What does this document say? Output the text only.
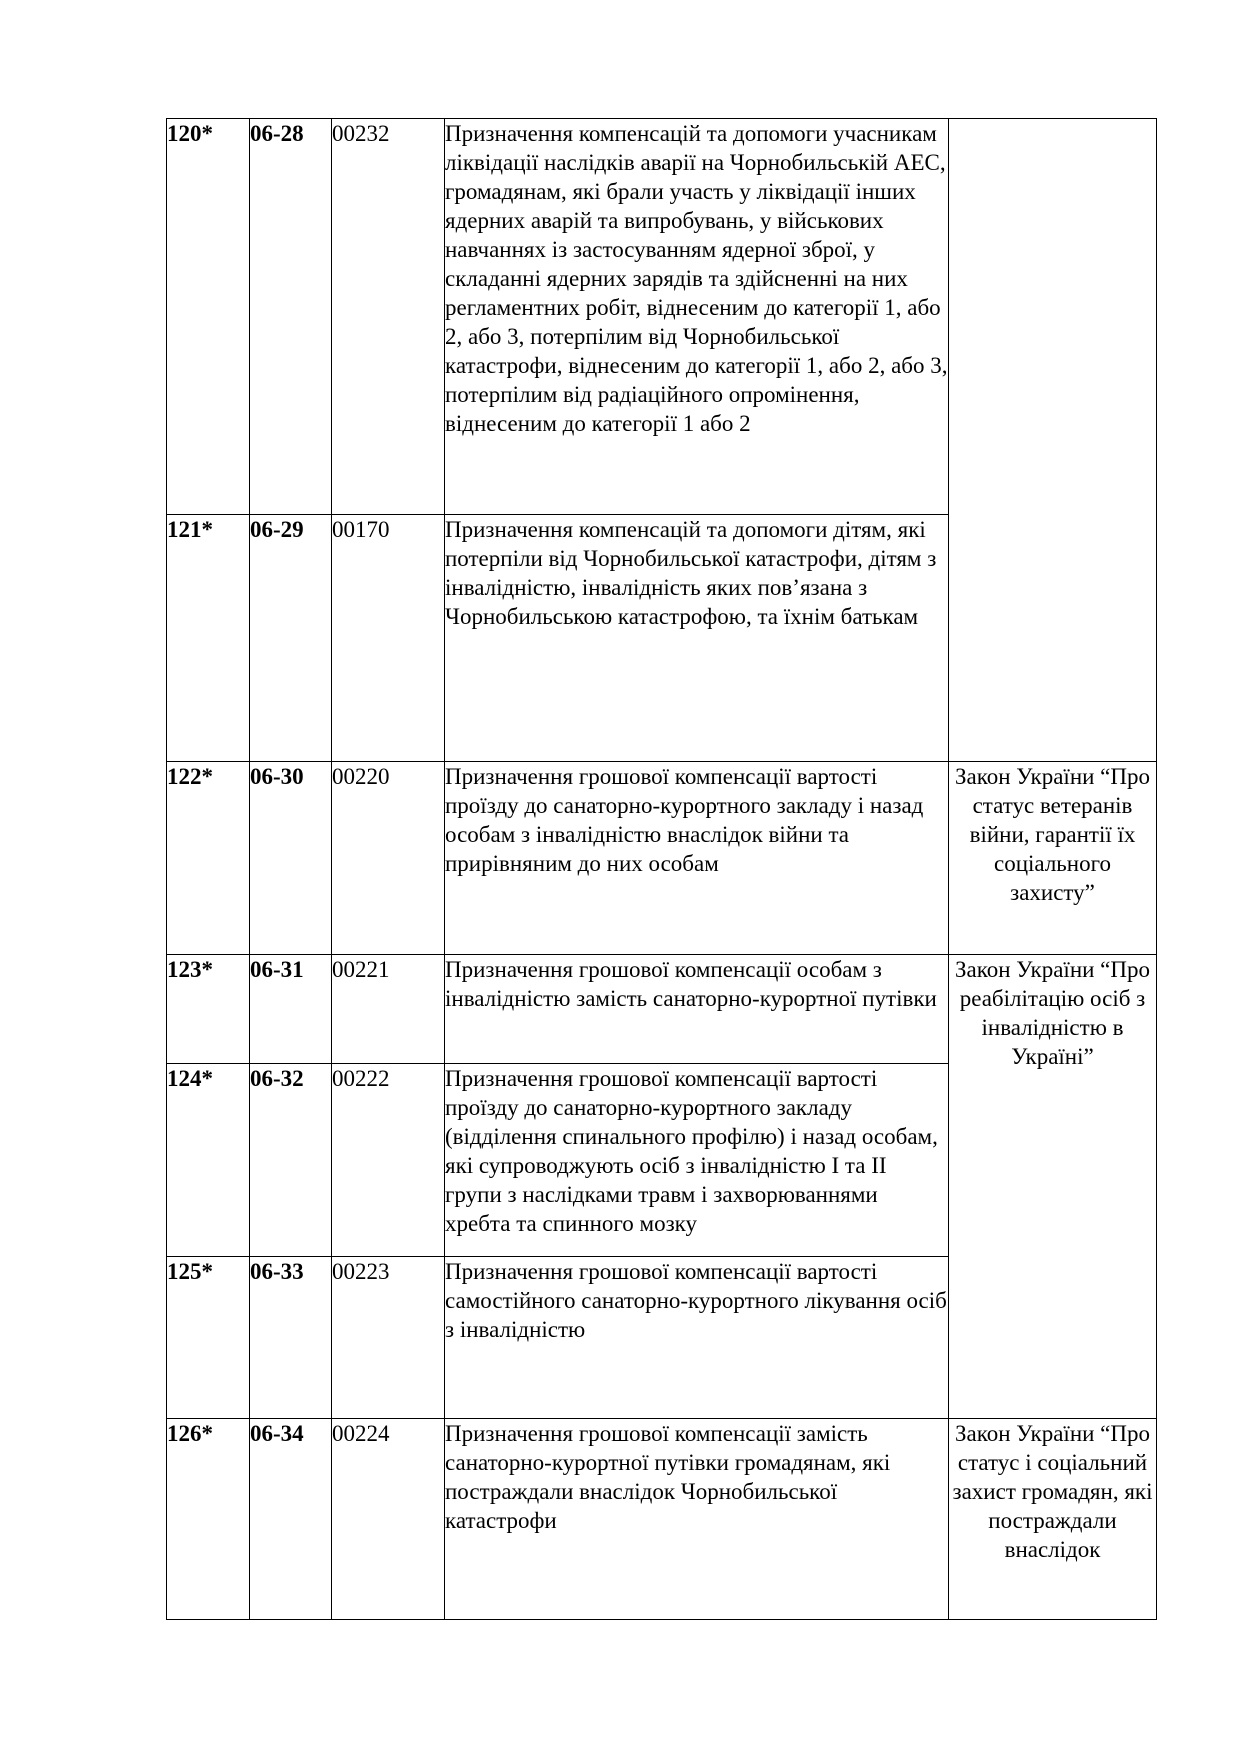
120*	06-28	00232	Призначення компенсацій та допомоги учасникам ліквідації наслідків аварії на Чорнобильській АЕС, громадянам, які брали участь у ліквідації інших ядерних аварій та випробувань, у військових навчаннях із застосуванням ядерної зброї, у складанні ядерних зарядів та здійсненні на них регламентних робіт, віднесеним до категорії 1, або 2, або 3, потерпілим від Чорнобильської катастрофи, віднесеним до категорії 1, або 2, або 3, потерпілим від радіаційного опромінення, віднесеним до категорії 1 або 2	
121*	06-29	00170	Призначення компенсацій та допомоги дітям, які потерпіли від Чорнобильської катастрофи, дітям з інвалідністю, інвалідність яких пов’язана з Чорнобильською катастрофою, та їхнім батькам	
122*	06-30	00220	Призначення грошової компенсації вартості проїзду до санаторно-курортного закладу і назад особам з інвалідністю внаслідок війни та прирівняним до них особам	Закон України “Про статус ветеранів війни, гарантії їх соціального захисту”
123*	06-31	00221	Призначення грошової компенсації особам з інвалідністю замість санаторно-курортної путівки	Закон України “Про реабілітацію осіб з інвалідністю в Україні”
124*	06-32	00222	Призначення грошової компенсації вартості проїзду до санаторно-курортного закладу (відділення спинального профілю) і назад особам, які супроводжують осіб з інвалідністю I та II групи з наслідками травм і захворюваннями хребта та спинного мозку	
125*	06-33	00223	Призначення грошової компенсації вартості самостійного санаторно-курортного лікування осіб з інвалідністю	
126*	06-34	00224	Призначення грошової компенсації замість санаторно-курортної путівки громадянам, які постраждали внаслідок Чорнобильської катастрофи	Закон України “Про статус і соціальний захист громадян, які постраждали внаслідок
